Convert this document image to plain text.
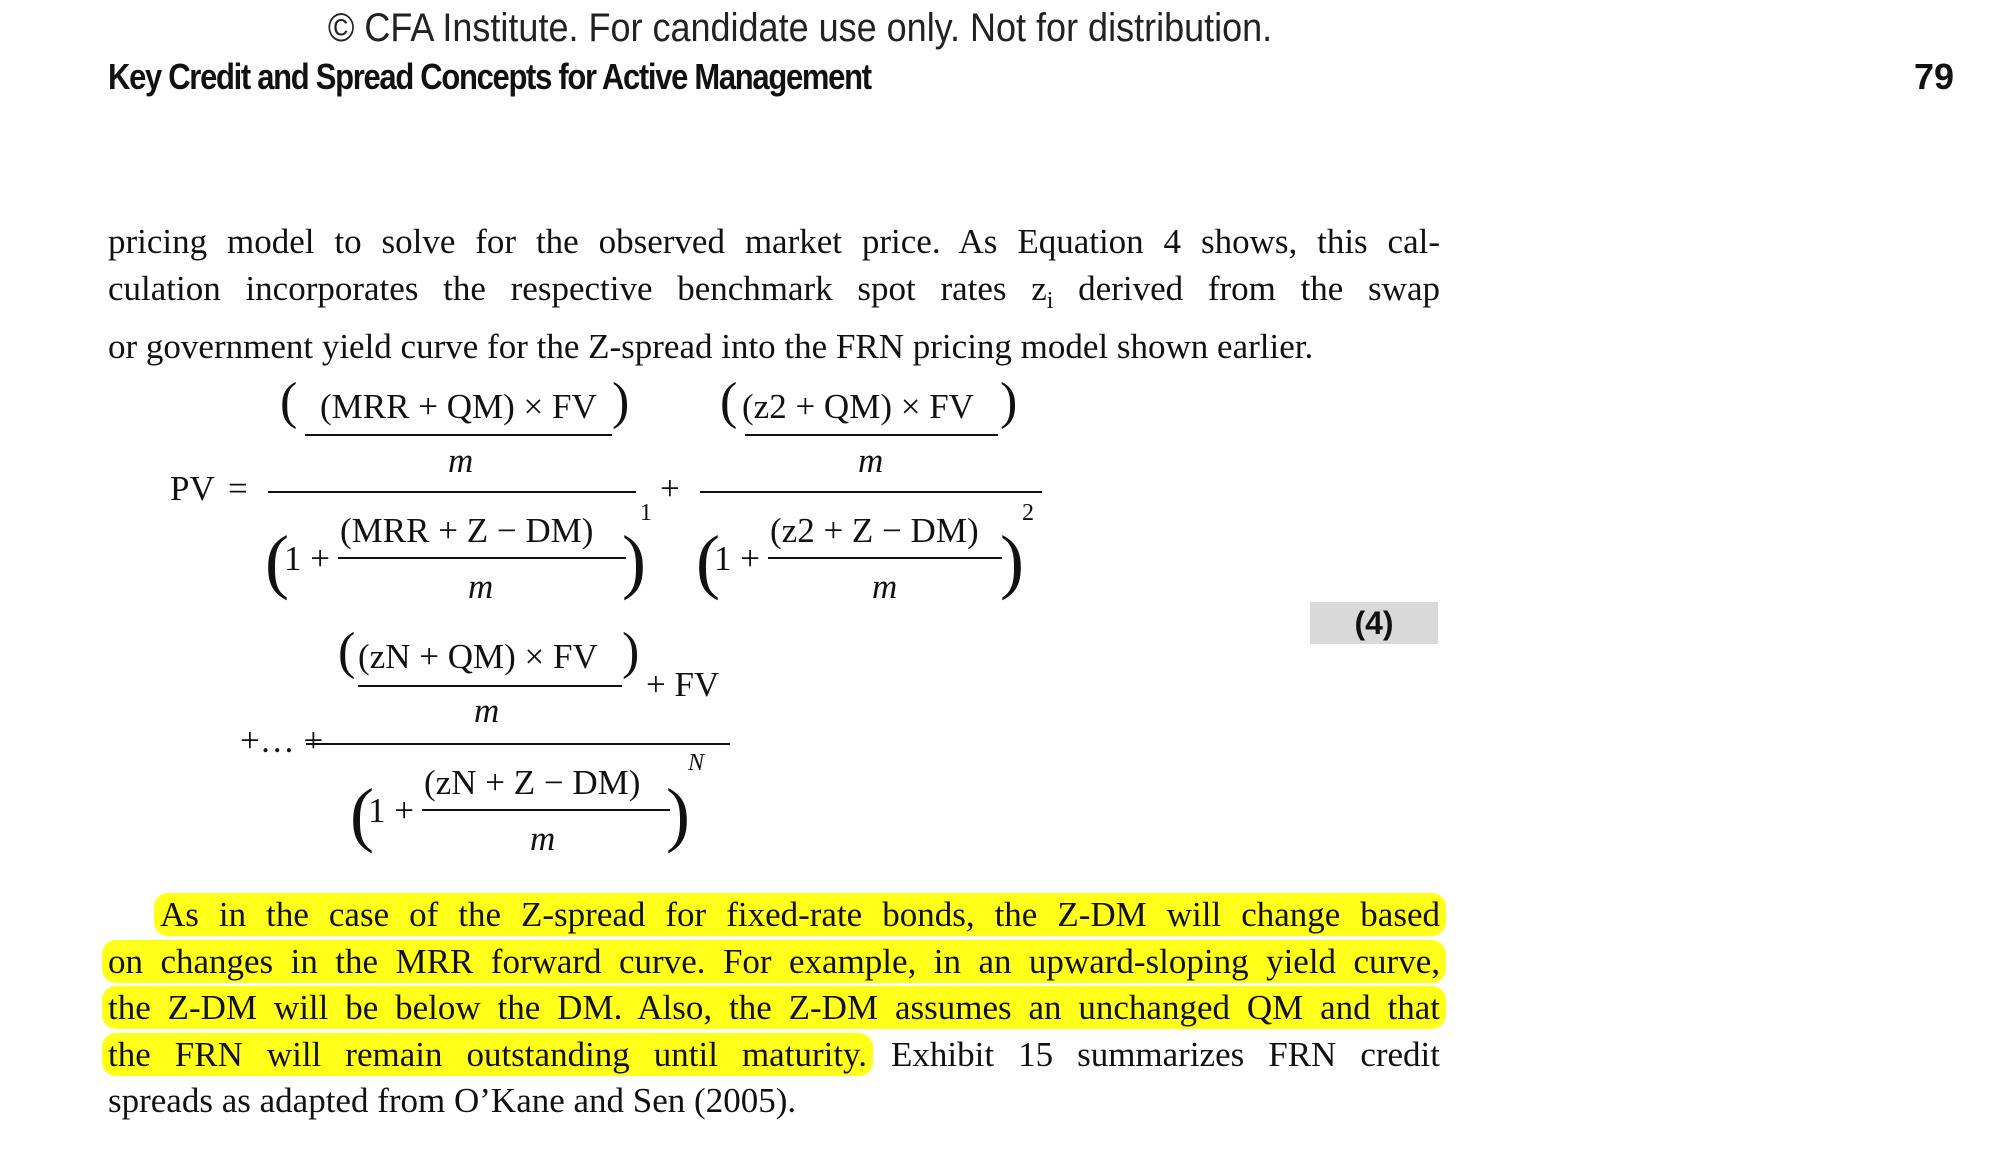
© CFA Institute. For candidate use only. Not for distribution.
Key Credit and Spread Concepts for Active Management	79
pricing model to solve for the observed market price. As Equation 4 shows, this cal-
culation incorporates the respective benchmark spot rates $z_i$ derived from the swap
or government yield curve for the Z-spread into the FRN pricing model shown earlier.
PV =
( (MRR + QM) × FV
m
)
(
1 +
(MRR + Z − DM)
m )
1
+
( (z2 + QM) × FV
m
)
(
1 +
(z2 + Z − DM)
m )
2
+… +
( (zN + QM) × FV
m
)
+ FV
(
1 +
(zN + Z − DM)
m )
N
(4)
As in the case of the Z-spread for fixed-rate bonds, the Z-DM will change based
on changes in the MRR forward curve. For example, in an upward-sloping yield curve,
the Z-DM will be below the DM. Also, the Z-DM assumes an unchanged QM and that
the FRN will remain outstanding until maturity. Exhibit 15 summarizes FRN credit
spreads as adapted from O’Kane and Sen (2005).
